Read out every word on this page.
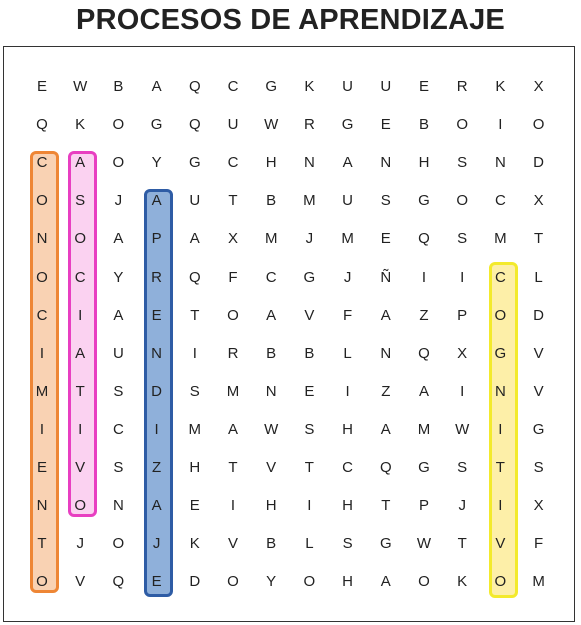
PROCESOS DE APRENDIZAJE
E	W	B	A	Q	C	G	K	U	U	E	R	K	X
Q	K	O	G	Q	U	W	R	G	E	B	O	I	O
C	A	O	Y	G	C	H	N	A	N	H	S	N	D
O	S	J	A	U	T	B	M	U	S	G	O	C	X
N	O	A	P	A	X	M	J	M	E	Q	S	M	T
O	C	Y	R	Q	F	C	G	J	Ñ	I	I	C	L
C	I	A	E	T	O	A	V	F	A	Z	P	O	D
I	A	U	N	I	R	B	B	L	N	Q	X	G	V
M	T	S	D	S	M	N	E	I	Z	A	I	N	V
I	I	C	I	M	A	W	S	H	A	M	W	I	G
E	V	S	Z	H	T	V	T	C	Q	G	S	T	S
N	O	N	A	E	I	H	I	H	T	P	J	I	X
T	J	O	J	K	V	B	L	S	G	W	T	V	F
O	V	Q	E	D	O	Y	O	H	A	O	K	O	M
